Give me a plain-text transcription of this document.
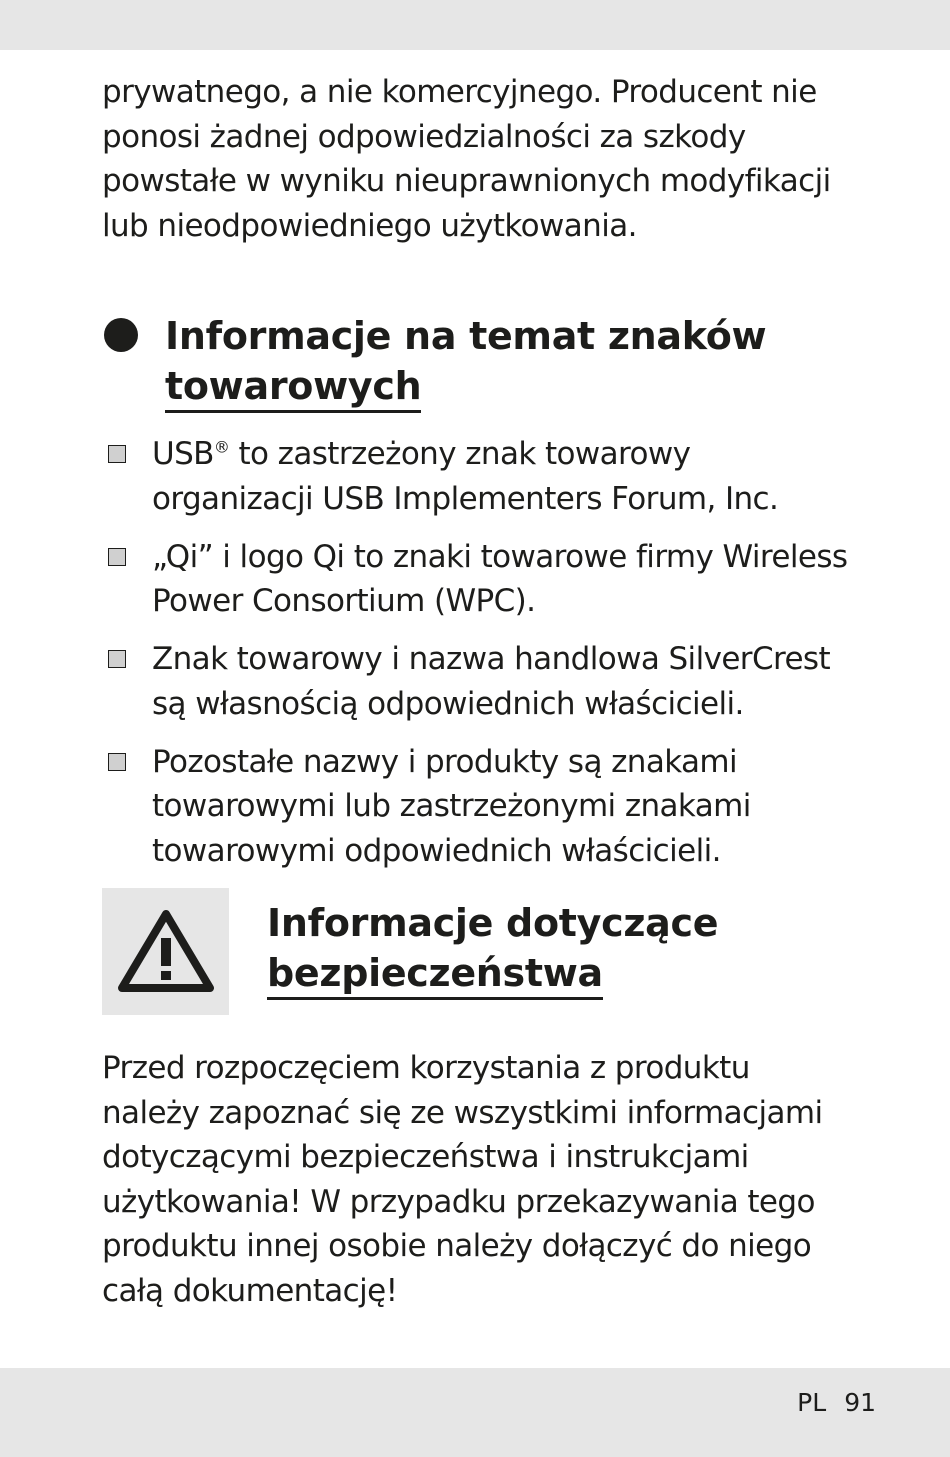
prywatnego, a nie komercyjnego. Producent nie
ponosi żadnej odpowiedzialności za szkody
powstałe w wyniku nieuprawnionych modyfikacji
lub nieodpowiedniego użytkowania.

Informacje na temat znaków
towarowych
USB® to zastrzeżony znak towarowy
organizacji USB Implementers Forum, Inc.
„Qi” i logo Qi to znaki towarowe firmy Wireless
Power Consortium (WPC).
Znak towarowy i nazwa handlowa SilverCrest
są własnością odpowiednich właścicieli.
Pozostałe nazwy i produkty są znakami
towarowymi lub zastrzeżonymi znakami
towarowymi odpowiednich właścicieli.
Informacje dotyczące
bezpieczeństwa

Przed rozpoczęciem korzystania z produktu
należy zapoznać się ze wszystkimi informacjami
dotyczącymi bezpieczeństwa i instrukcjami
użytkowania! W przypadku przekazywania tego
produktu innej osobie należy dołączyć do niego
całą dokumentację!

PL 91
